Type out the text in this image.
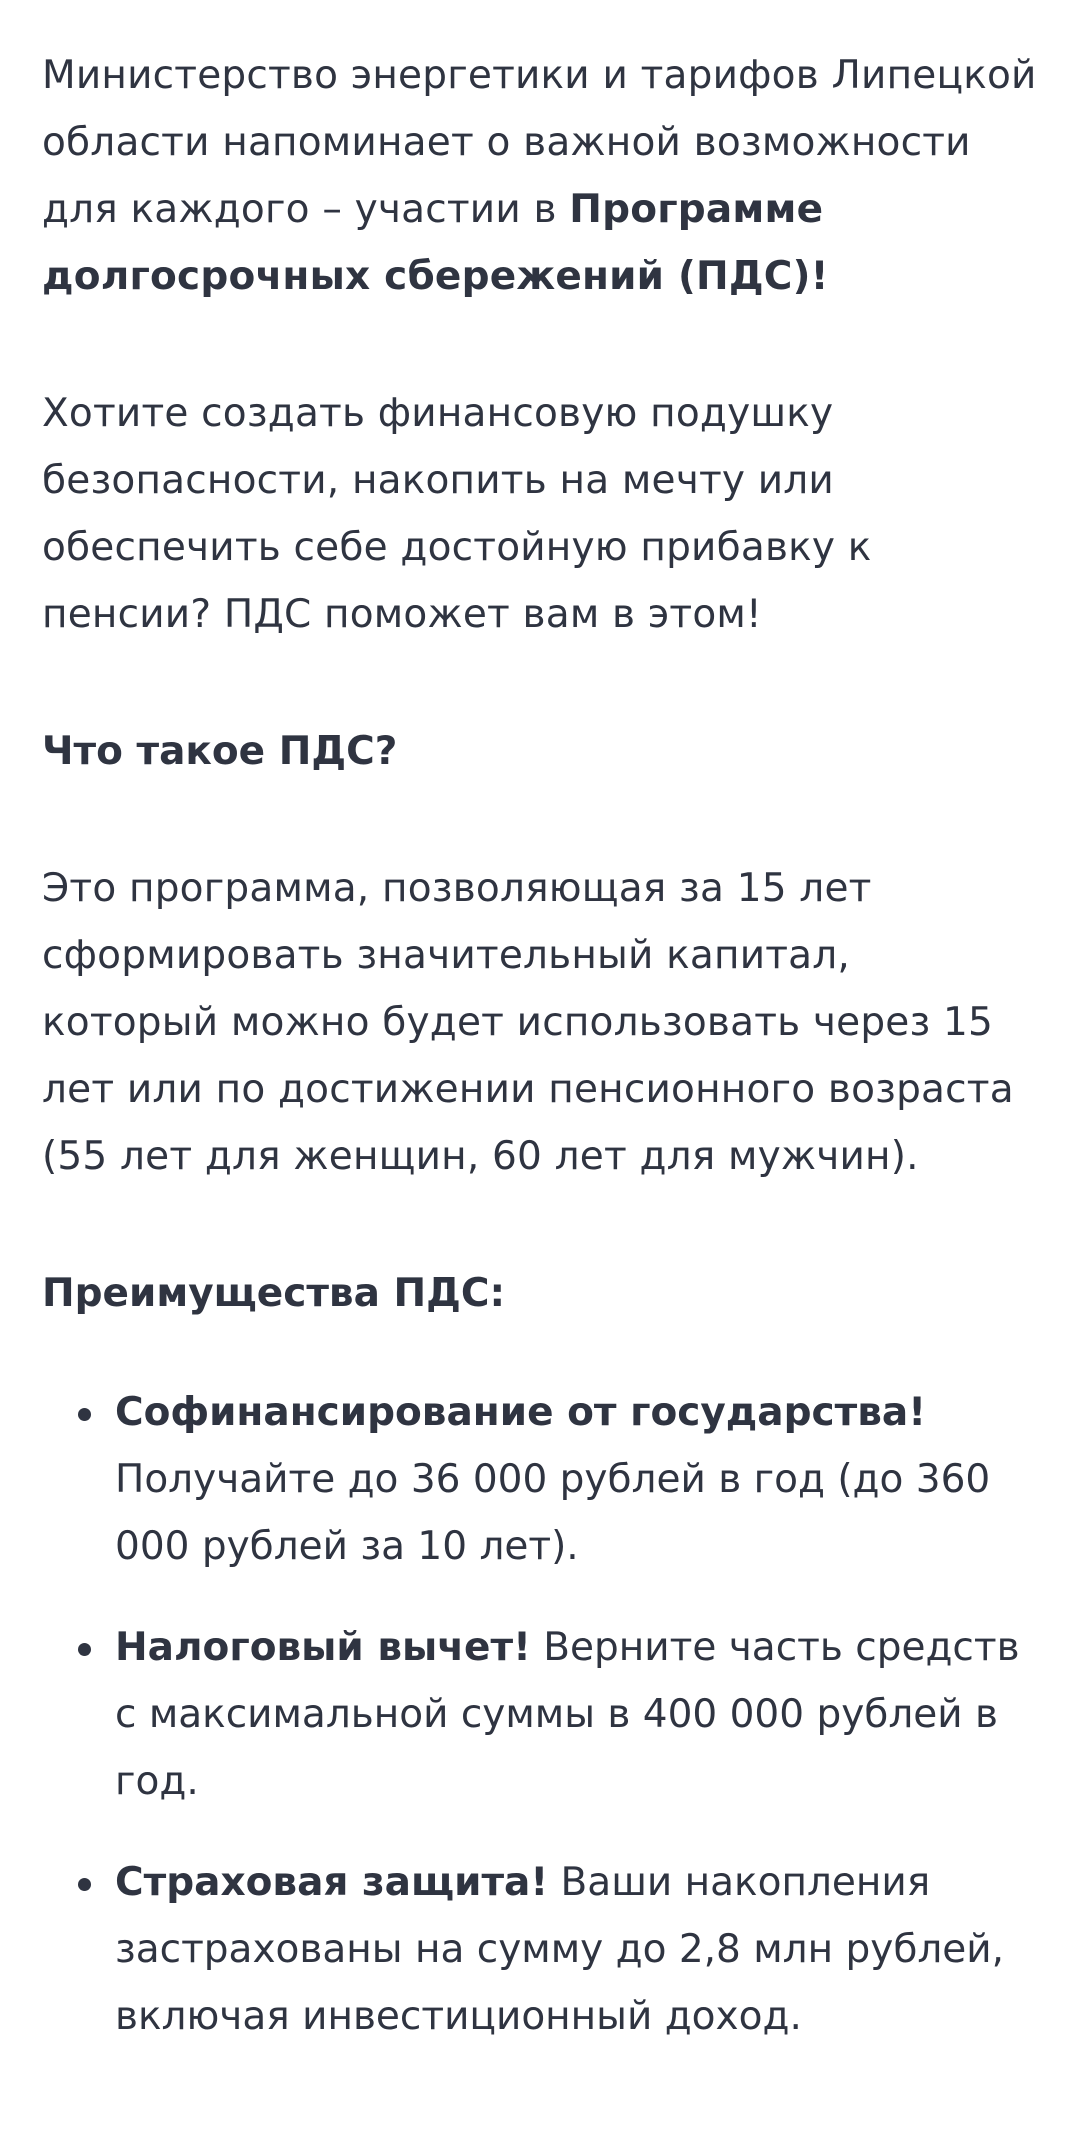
Министерство энергетики и тарифов Липецкой области напоминает о важной возможности для каждого – участии в Программе долгосрочных сбережений (ПДС)!

Хотите создать финансовую подушку безопасности, накопить на мечту или обеспечить себе достойную прибавку к пенсии? ПДС поможет вам в этом!

Что такое ПДС?

Это программа, позволяющая за 15 лет сформировать значительный капитал, который можно будет использовать через 15 лет или по достижении пенсионного возраста (55 лет для женщин, 60 лет для мужчин).

Преимущества ПДС:

Софинансирование от государства! Получайте до 36 000 рублей в год (до 360 000 рублей за 10 лет).
Налоговый вычет! Верните часть средств с максимальной суммы в 400 000 рублей в год.
Страховая защита! Ваши накопления застрахованы на сумму до 2,8 млн рублей, включая инвестиционный доход.
